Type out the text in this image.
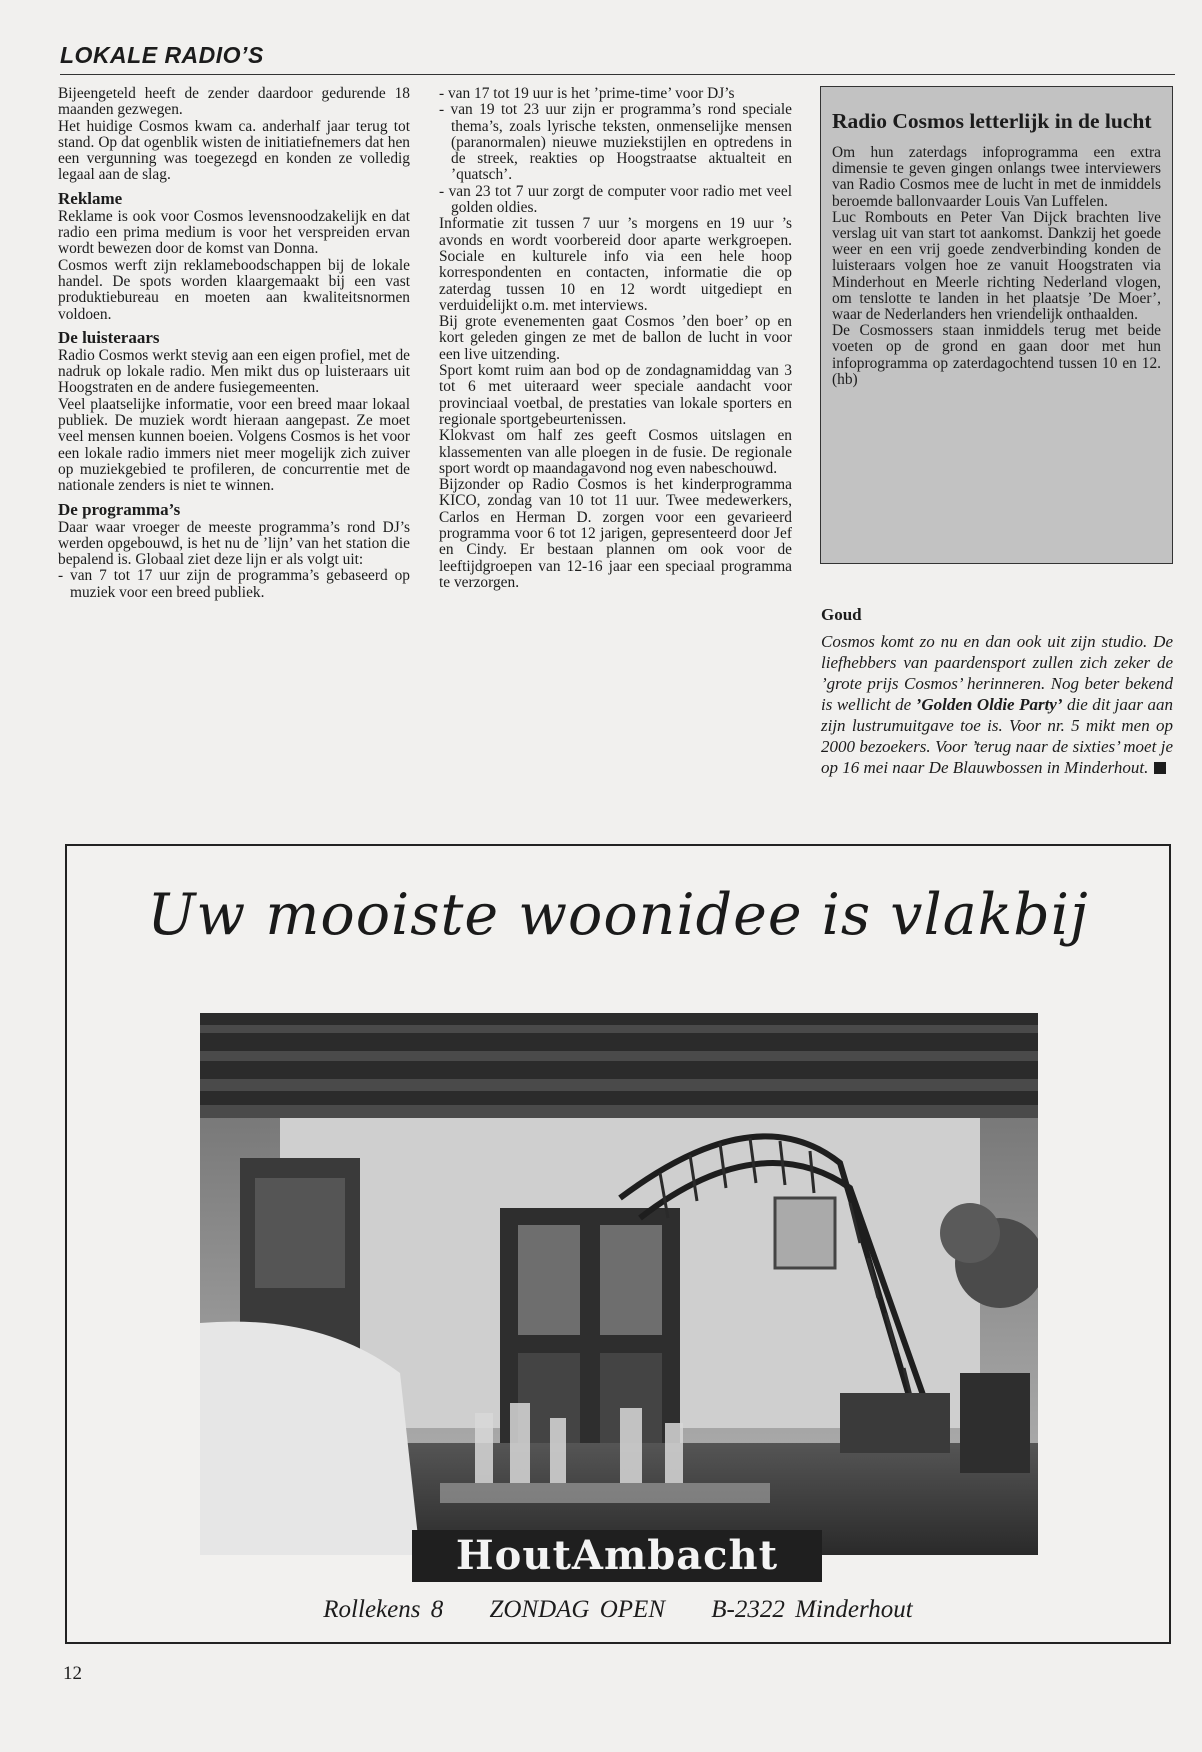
LOKALE RADIO’S

Bijeengeteld heeft de zender daardoor gedurende 18 maanden gezwegen.

Het huidige Cosmos kwam ca. anderhalf jaar terug tot stand. Op dat ogenblik wisten de initiatiefnemers dat hen een vergunning was toegezegd en konden ze volledig legaal aan de slag.

Reklame

Reklame is ook voor Cosmos levensnoodzakelijk en dat radio een prima medium is voor het verspreiden ervan wordt bewezen door de komst van Donna.

Cosmos werft zijn reklameboodschappen bij de lokale handel. De spots worden klaargemaakt bij een vast produktiebureau en moeten aan kwaliteitsnormen voldoen.

De luisteraars

Radio Cosmos werkt stevig aan een eigen profiel, met de nadruk op lokale radio. Men mikt dus op luisteraars uit Hoogstraten en de andere fusiegemeenten.

Veel plaatselijke informatie, voor een breed maar lokaal publiek. De muziek wordt hieraan aangepast. Ze moet veel mensen kunnen boeien. Volgens Cosmos is het voor een lokale radio immers niet meer mogelijk zich zuiver op muziekgebied te profileren, de concurrentie met de nationale zenders is niet te winnen.

De programma’s

Daar waar vroeger de meeste programma’s rond DJ’s werden opgebouwd, is het nu de ’lijn’ van het station die bepalend is. Globaal ziet deze lijn er als volgt uit:

- van 7 tot 17 uur zijn de programma’s gebaseerd op muziek voor een breed publiek.

- van 17 tot 19 uur is het ’prime-time’ voor DJ’s

- van 19 tot 23 uur zijn er programma’s rond speciale thema’s, zoals lyrische teksten, onmenselijke mensen (paranormalen) nieuwe muziekstijlen en optredens in de streek, reakties op Hoogstraatse aktualteit en ’quatsch’.

- van 23 tot 7 uur zorgt de computer voor radio met veel golden oldies.

Informatie zit tussen 7 uur ’s morgens en 19 uur ’s avonds en wordt voorbereid door aparte werkgroepen. Sociale en kulturele info via een hele hoop korrespondenten en contacten, informatie die op zaterdag tussen 10 en 12 wordt uitgediept en verduidelijkt o.m. met interviews.

Bij grote evenementen gaat Cosmos ’den boer’ op en kort geleden gingen ze met de ballon de lucht in voor een live uitzending.

Sport komt ruim aan bod op de zondagnamiddag van 3 tot 6 met uiteraard weer speciale aandacht voor provinciaal voetbal, de prestaties van lokale sporters en regionale sportgebeurtenissen.

Klokvast om half zes geeft Cosmos uitslagen en klassementen van alle ploegen in de fusie. De regionale sport wordt op maandagavond nog even nabeschouwd.

Bijzonder op Radio Cosmos is het kinderprogramma KICO, zondag van 10 tot 11 uur. Twee medewerkers, Carlos en Herman D. zorgen voor een gevarieerd programma voor 6 tot 12 jarigen, gepresenteerd door Jef en Cindy. Er bestaan plannen om ook voor de leeftijdgroepen van 12-16 jaar een speciaal programma te verzorgen.

Radio Cosmos letterlijk in de lucht

Om hun zaterdags infoprogramma een extra dimensie te geven gingen onlangs twee interviewers van Radio Cosmos mee de lucht in met de inmiddels beroemde ballonvaarder Louis Van Luffelen.

Luc Rombouts en Peter Van Dijck brachten live verslag uit van start tot aankomst. Dankzij het goede weer en een vrij goede zendverbinding konden de luisteraars volgen hoe ze vanuit Hoogstraten via Minderhout en Meerle richting Nederland vlogen, om tenslotte te landen in het plaatsje ’De Moer’, waar de Nederlanders hen vriendelijk onthaalden.

De Cosmossers staan inmiddels terug met beide voeten op de grond en gaan door met hun infoprogramma op zaterdagochtend tussen 10 en 12. (hb)

Goud

Cosmos komt zo nu en dan ook uit zijn studio. De liefhebbers van paardensport zullen zich zeker de ’grote prijs Cosmos’ herinneren. Nog beter bekend is wellicht de ’Golden Oldie Party’ die dit jaar aan zijn lustrumuitgave toe is. Voor nr. 5 mikt men op 2000 bezoekers. Voor ’terug naar de sixties’ moet je op 16 mei naar De Blauwbossen in Minderhout.

Uw mooiste woonidee is vlakbij
HoutAmbacht
Rollekens 8 ZONDAG OPEN B-2322 Minderhout
12
